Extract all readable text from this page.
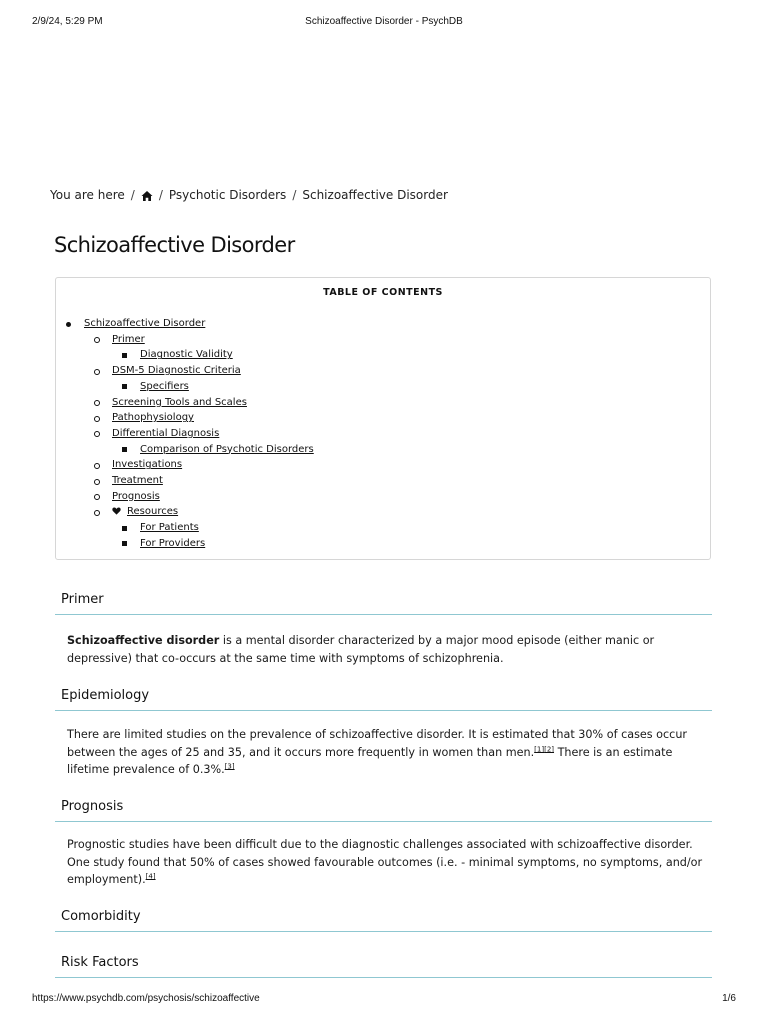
2/9/24, 5:29 PM	Schizoaffective Disorder - PsychDB
You are here / / Psychotic Disorders / Schizoaffective Disorder
Schizoaffective Disorder
TABLE OF CONTENTS
Schizoaffective Disorder
Primer
Diagnostic Validity
DSM-5 Diagnostic Criteria
Specifiers
Screening Tools and Scales
Pathophysiology
Differential Diagnosis
Comparison of Psychotic Disorders
Investigations
Treatment
Prognosis
Resources
For Patients
For Providers
Primer

Schizoaffective disorder is a mental disorder characterized by a major mood episode (either manic or depressive) that co-occurs at the same time with symptoms of schizophrenia.

Epidemiology

There are limited studies on the prevalence of schizoaffective disorder. It is estimated that 30% of cases occur between the ages of 25 and 35, and it occurs more frequently in women than men.[1][2] There is an estimate lifetime prevalence of 0.3%.[3]

Prognosis

Prognostic studies have been difficult due to the diagnostic challenges associated with schizoaffective disorder. One study found that 50% of cases showed favourable outcomes (i.e. - minimal symptoms, no symptoms, and/or employment).[4]

Comorbidity
Risk Factors
https://www.psychdb.com/psychosis/schizoaffective	1/6
